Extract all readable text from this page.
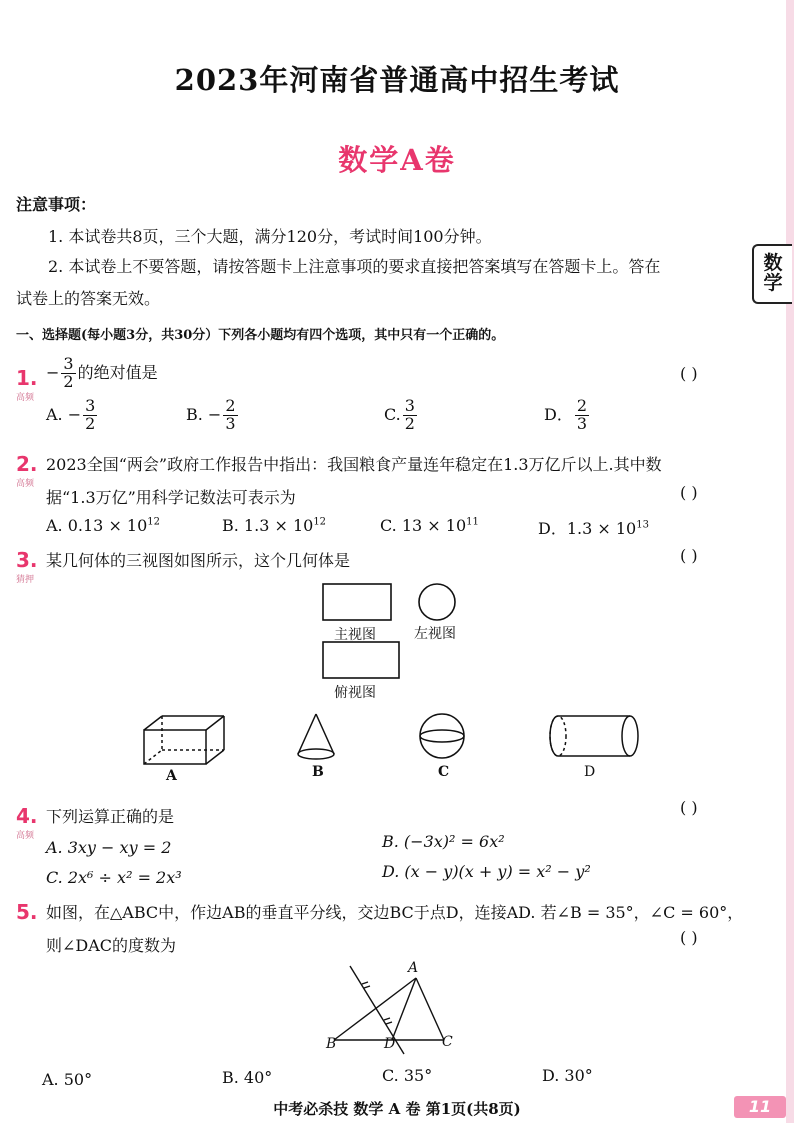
2023年河南省普通高中招生考试
数学A卷
数
学
注意事项：
1. 本试卷共8页，三个大题，满分120分，考试时间100分钟。
2. 本试卷上不要答题，请按答题卡上注意事项的要求直接把答案填写在答题卡上。答在
试卷上的答案无效。
一、选择题(每小题3分，共30分）下列各小题均有四个选项，其中只有一个正确的。
1.
高频
− $\frac{3}{2}$ 的绝对值是	( )
A. − $\frac{3}{2}$	B. − $\frac{2}{3}$	C. $\frac{3}{2}$	D． $\frac{2}{3}$
2.
高频
2023全国“两会”政府工作报告中指出：我国粮食产量连年稳定在1.3万亿斤以上.其中数
据“1.3万亿”用科学记数法可表示为	( )
A. $0.13 \times 10^{12}$	B. $1.3 \times 10^{12}$	C. $13 \times 10^{11}$	D．$1.3 \times 10^{13}$
3.
猜押
某几何体的三视图如图所示，这个几何体是	( )
主视图	左视图
俯视图
A	B	C	D
4.
高频
下列运算正确的是	( )
A. 3xy − xy = 2	B. (−3x)² = 6x²
C. 2x⁶ ÷ x² = 2x³	D. (x − y)(x + y) = x² − y²
5. 如图，在△ABC中，作边AB的垂直平分线，交边BC于点D，连接AD. 若∠B = 35°，∠C = 60°，
则∠DAC的度数为	( )
A
B	D	C
A. 50°	B. 40°	C. 35°	D. 30°
中考必杀技 数学 A 卷 第1页(共8页)	11
